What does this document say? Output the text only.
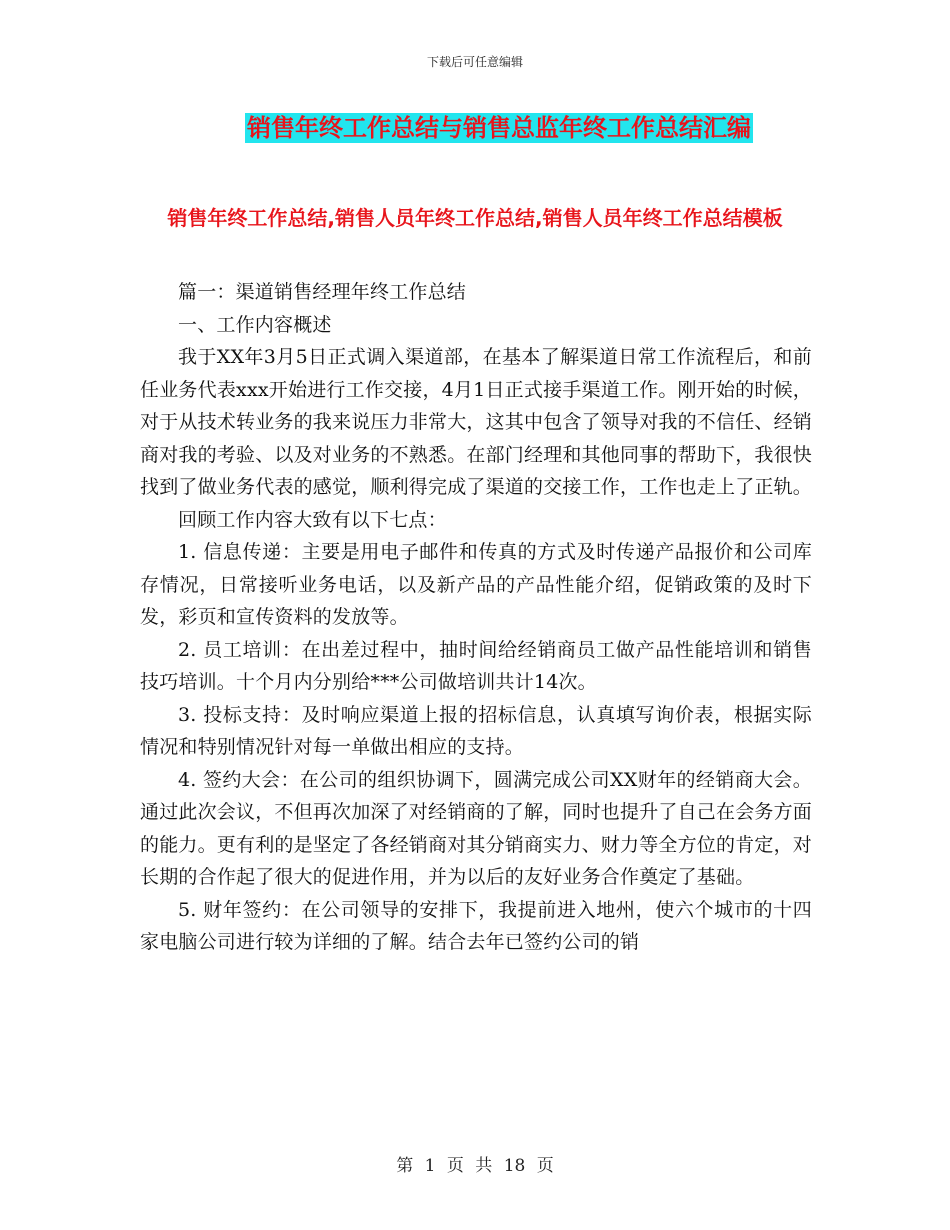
下载后可任意编辑
销售年终工作总结与销售总监年终工作总结汇编
销售年终工作总结,销售人员年终工作总结,销售人员年终工作总结模板

篇一：渠道销售经理年终工作总结

一、工作内容概述

我于XX年3月5日正式调入渠道部，在基本了解渠道日常工作流程后，和前任业务代表xxx开始进行工作交接，4月1日正式接手渠道工作。刚开始的时候，对于从技术转业务的我来说压力非常大，这其中包含了领导对我的不信任、经销商对我的考验、以及对业务的不熟悉。在部门经理和其他同事的帮助下，我很快找到了做业务代表的感觉，顺利得完成了渠道的交接工作，工作也走上了正轨。

回顾工作内容大致有以下七点：

1. 信息传递：主要是用电子邮件和传真的方式及时传递产品报价和公司库存情况，日常接听业务电话，以及新产品的产品性能介绍，促销政策的及时下发，彩页和宣传资料的发放等。

2. 员工培训：在出差过程中，抽时间给经销商员工做产品性能培训和销售技巧培训。十个月内分别给***公司做培训共计14次。

3. 投标支持：及时响应渠道上报的招标信息，认真填写询价表，根据实际情况和特别情况针对每一单做出相应的支持。

4. 签约大会：在公司的组织协调下，圆满完成公司XX财年的经销商大会。通过此次会议，不但再次加深了对经销商的了解，同时也提升了自己在会务方面的能力。更有利的是坚定了各经销商对其分销商实力、财力等全方位的肯定，对长期的合作起了很大的促进作用，并为以后的友好业务合作奠定了基础。

5. 财年签约：在公司领导的安排下，我提前进入地州，使六个城市的十四家电脑公司进行较为详细的了解。结合去年已签约公司的销

第 1 页 共 18 页
